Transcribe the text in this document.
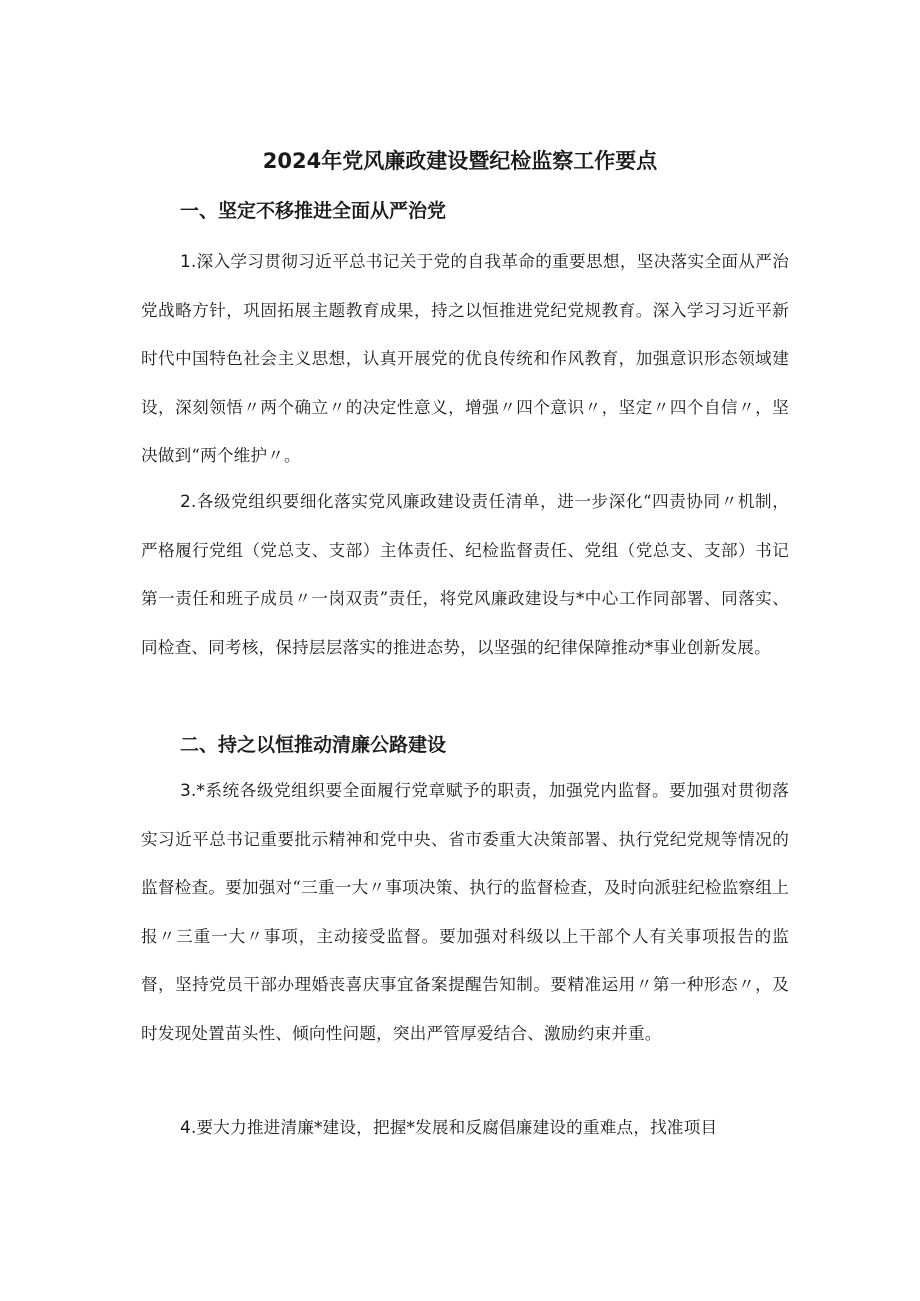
2024年党风廉政建设暨纪检监察工作要点
一、坚定不移推进全面从严治党

1.深入学习贯彻习近平总书记关于党的自我革命的重要思想，坚决落实全面从严治党战略方针，巩固拓展主题教育成果，持之以恒推进党纪党规教育。深入学习习近平新时代中国特色社会主义思想，认真开展党的优良传统和作风教育，加强意识形态领域建设，深刻领悟〃两个确立〃的决定性意义，增强〃四个意识〃，坚定〃四个自信〃，坚决做到“两个维护〃。

2.各级党组织要细化落实党风廉政建设责任清单，进一步深化“四责协同〃机制，严格履行党组（党总支、支部）主体责任、纪检监督责任、党组（党总支、支部）书记第一责任和班子成员〃一岗双责”责任，将党风廉政建设与*中心工作同部署、同落实、同检查、同考核，保持层层落实的推进态势，以坚强的纪律保障推动*事业创新发展。

二、持之以恒推动清廉公路建设

3.*系统各级党组织要全面履行党章赋予的职责，加强党内监督。要加强对贯彻落实习近平总书记重要批示精神和党中央、省市委重大决策部署、执行党纪党规等情况的监督检查。要加强对“三重一大〃事项决策、执行的监督检查，及时向派驻纪检监察组上报〃三重一大〃事项，主动接受监督。要加强对科级以上干部个人有关事项报告的监督，坚持党员干部办理婚丧喜庆事宜备案提醒告知制。要精准运用〃第一种形态〃，及时发现处置苗头性、倾向性问题，突出严管厚爱结合、激励约束并重。

4.要大力推进清廉*建设，把握*发展和反腐倡廉建设的重难点，找准项目
